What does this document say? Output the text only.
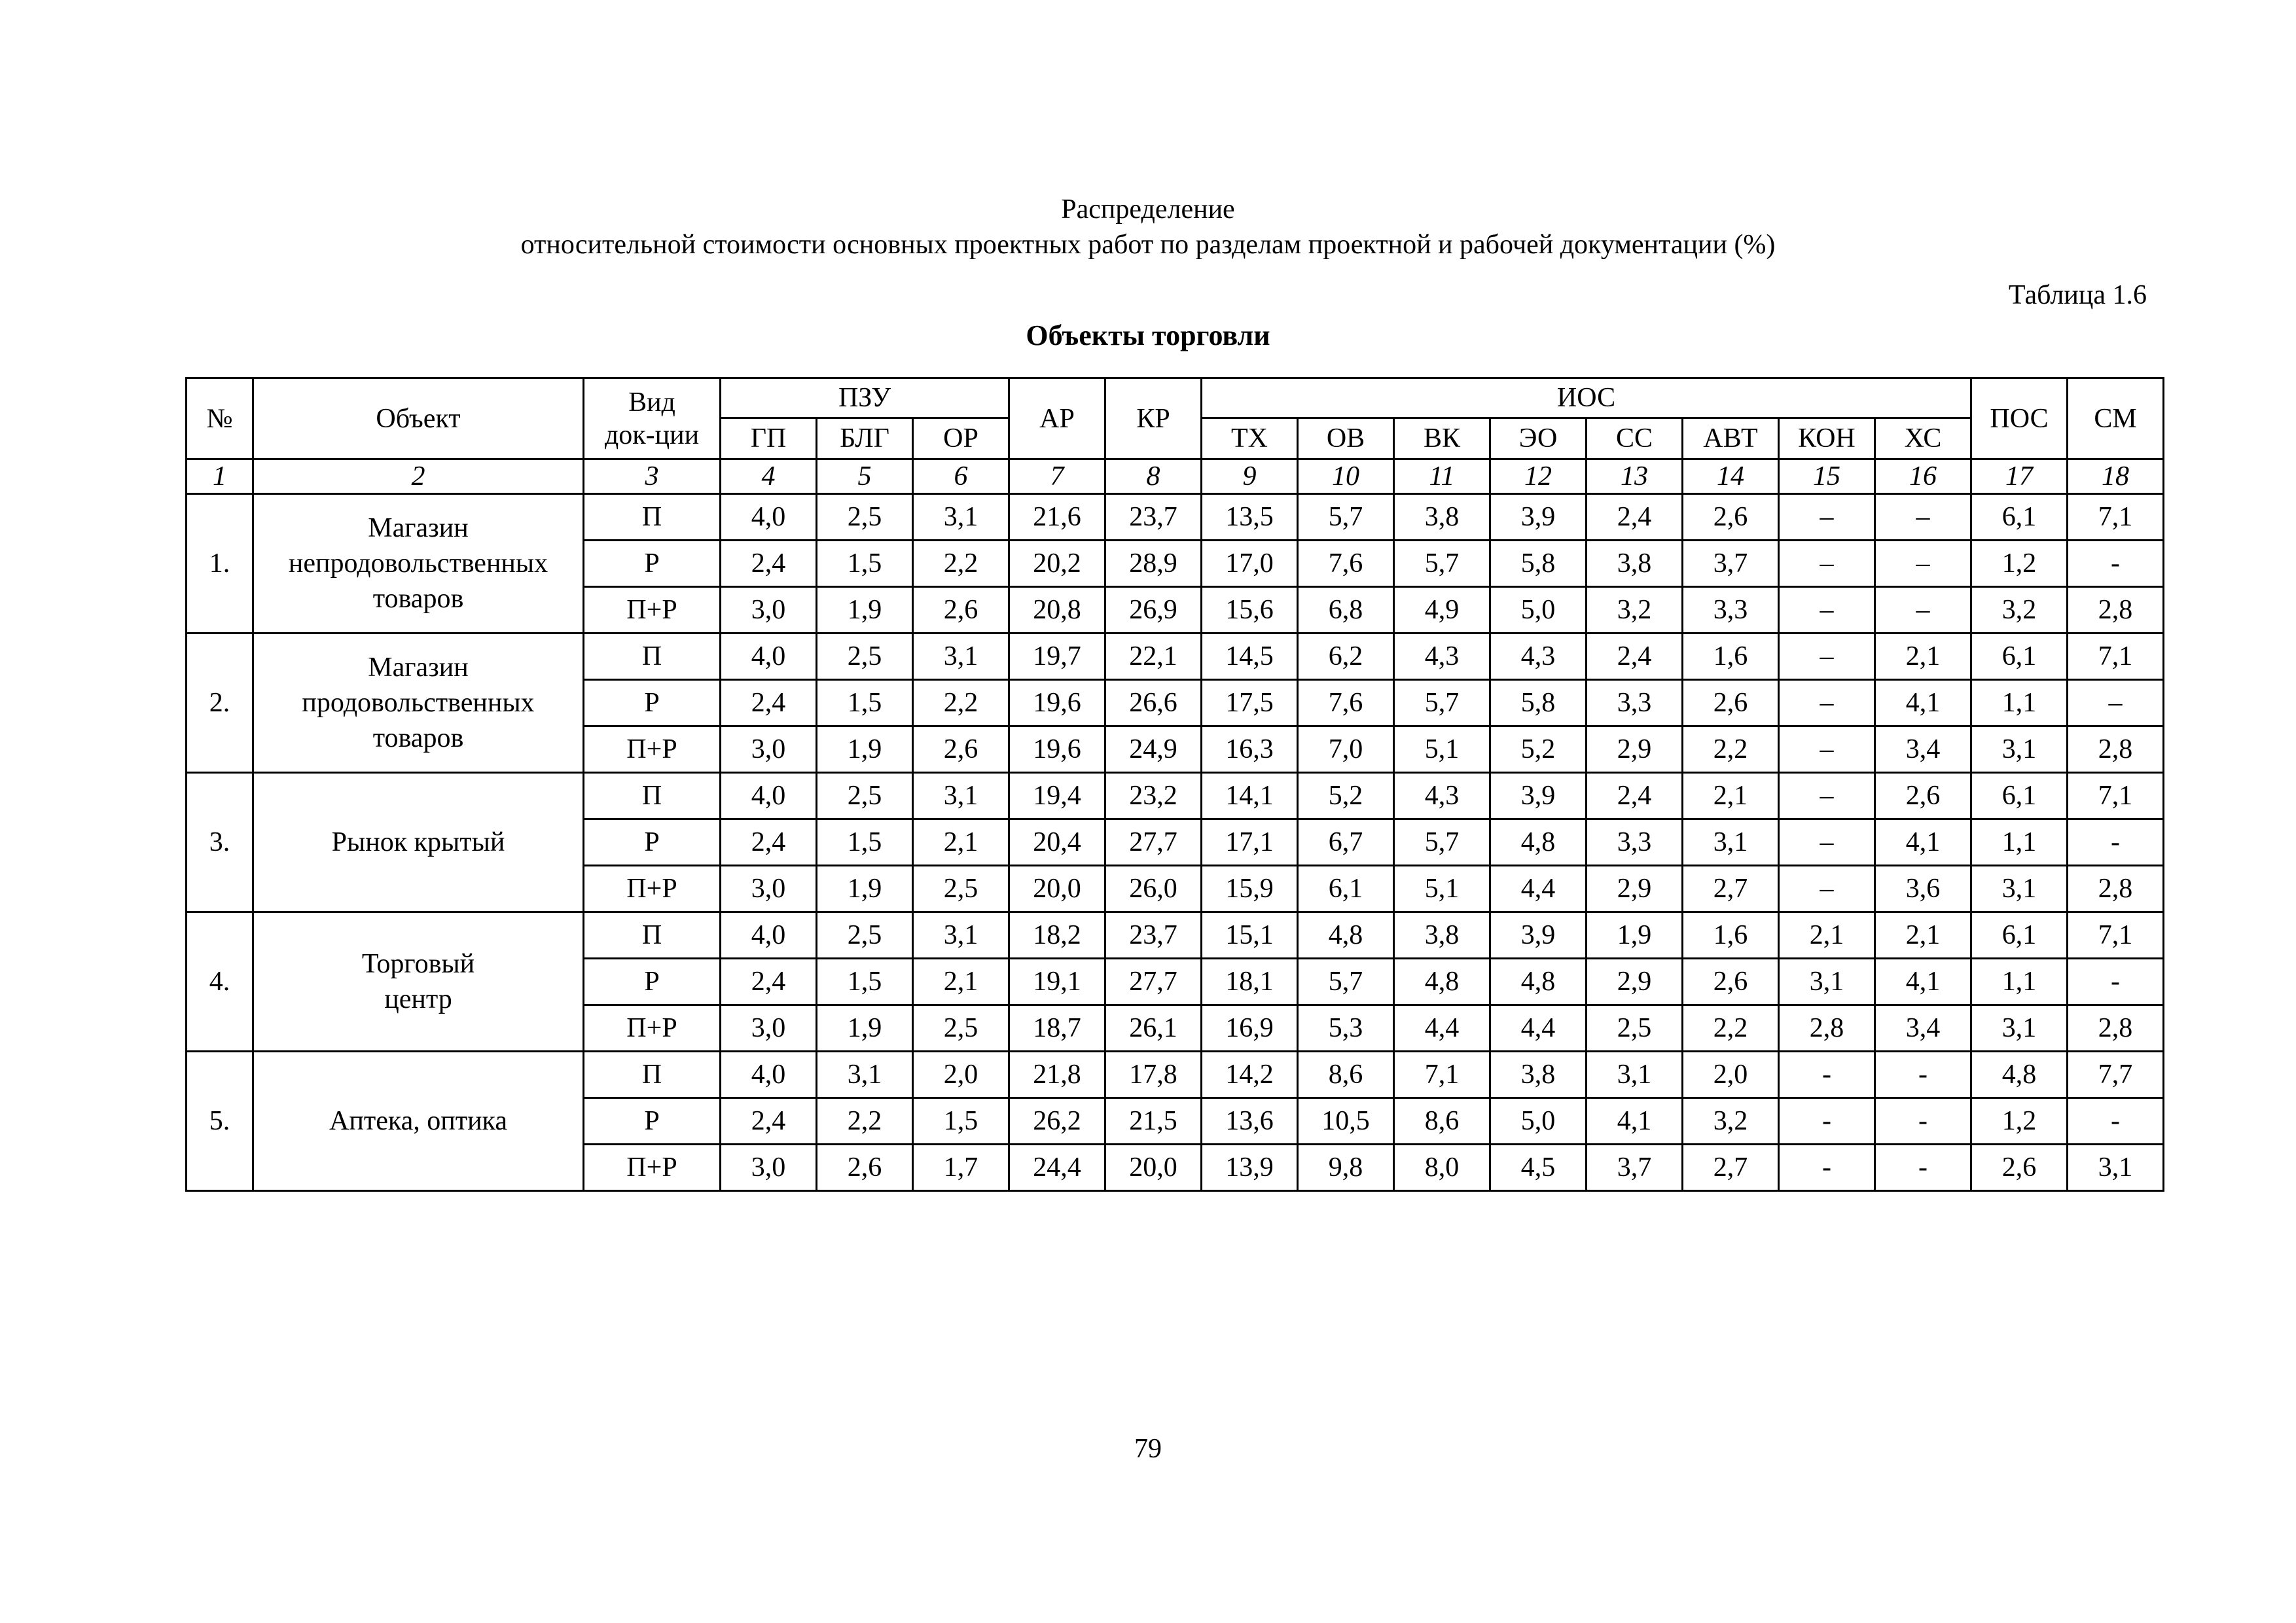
Распределение
относительной стоимости основных проектных работ по разделам проектной и рабочей документации (%)
Таблица 1.6
Объекты торговли
№	Объект	Вид
док-ции	ПЗУ			АР	КР	ИОС								ПОС	СМ
			ГП	БЛГ	ОР			ТХ	ОВ	ВК	ЭО	СС	АВТ	КОН	ХС		
1	2	3	4	5	6	7	8	9	10	11	12	13	14	15	16	17	18
1.	Магазин
непродовольственных
товаров	П	4,0	2,5	3,1	21,6	23,7	13,5	5,7	3,8	3,9	2,4	2,6	–	–	6,1	7,1
		Р	2,4	1,5	2,2	20,2	28,9	17,0	7,6	5,7	5,8	3,8	3,7	–	–	1,2	-
		П+Р	3,0	1,9	2,6	20,8	26,9	15,6	6,8	4,9	5,0	3,2	3,3	–	–	3,2	2,8
2.	Магазин
продовольственных
товаров	П	4,0	2,5	3,1	19,7	22,1	14,5	6,2	4,3	4,3	2,4	1,6	–	2,1	6,1	7,1
		Р	2,4	1,5	2,2	19,6	26,6	17,5	7,6	5,7	5,8	3,3	2,6	–	4,1	1,1	–
		П+Р	3,0	1,9	2,6	19,6	24,9	16,3	7,0	5,1	5,2	2,9	2,2	–	3,4	3,1	2,8
3.	Рынок крытый	П	4,0	2,5	3,1	19,4	23,2	14,1	5,2	4,3	3,9	2,4	2,1	–	2,6	6,1	7,1
		Р	2,4	1,5	2,1	20,4	27,7	17,1	6,7	5,7	4,8	3,3	3,1	–	4,1	1,1	-
		П+Р	3,0	1,9	2,5	20,0	26,0	15,9	6,1	5,1	4,4	2,9	2,7	–	3,6	3,1	2,8
4.	Торговый
центр	П	4,0	2,5	3,1	18,2	23,7	15,1	4,8	3,8	3,9	1,9	1,6	2,1	2,1	6,1	7,1
		Р	2,4	1,5	2,1	19,1	27,7	18,1	5,7	4,8	4,8	2,9	2,6	3,1	4,1	1,1	-
		П+Р	3,0	1,9	2,5	18,7	26,1	16,9	5,3	4,4	4,4	2,5	2,2	2,8	3,4	3,1	2,8
5.	Аптека, оптика	П	4,0	3,1	2,0	21,8	17,8	14,2	8,6	7,1	3,8	3,1	2,0	-	-	4,8	7,7
		Р	2,4	2,2	1,5	26,2	21,5	13,6	10,5	8,6	5,0	4,1	3,2	-	-	1,2	-
		П+Р	3,0	2,6	1,7	24,4	20,0	13,9	9,8	8,0	4,5	3,7	2,7	-	-	2,6	3,1
79
